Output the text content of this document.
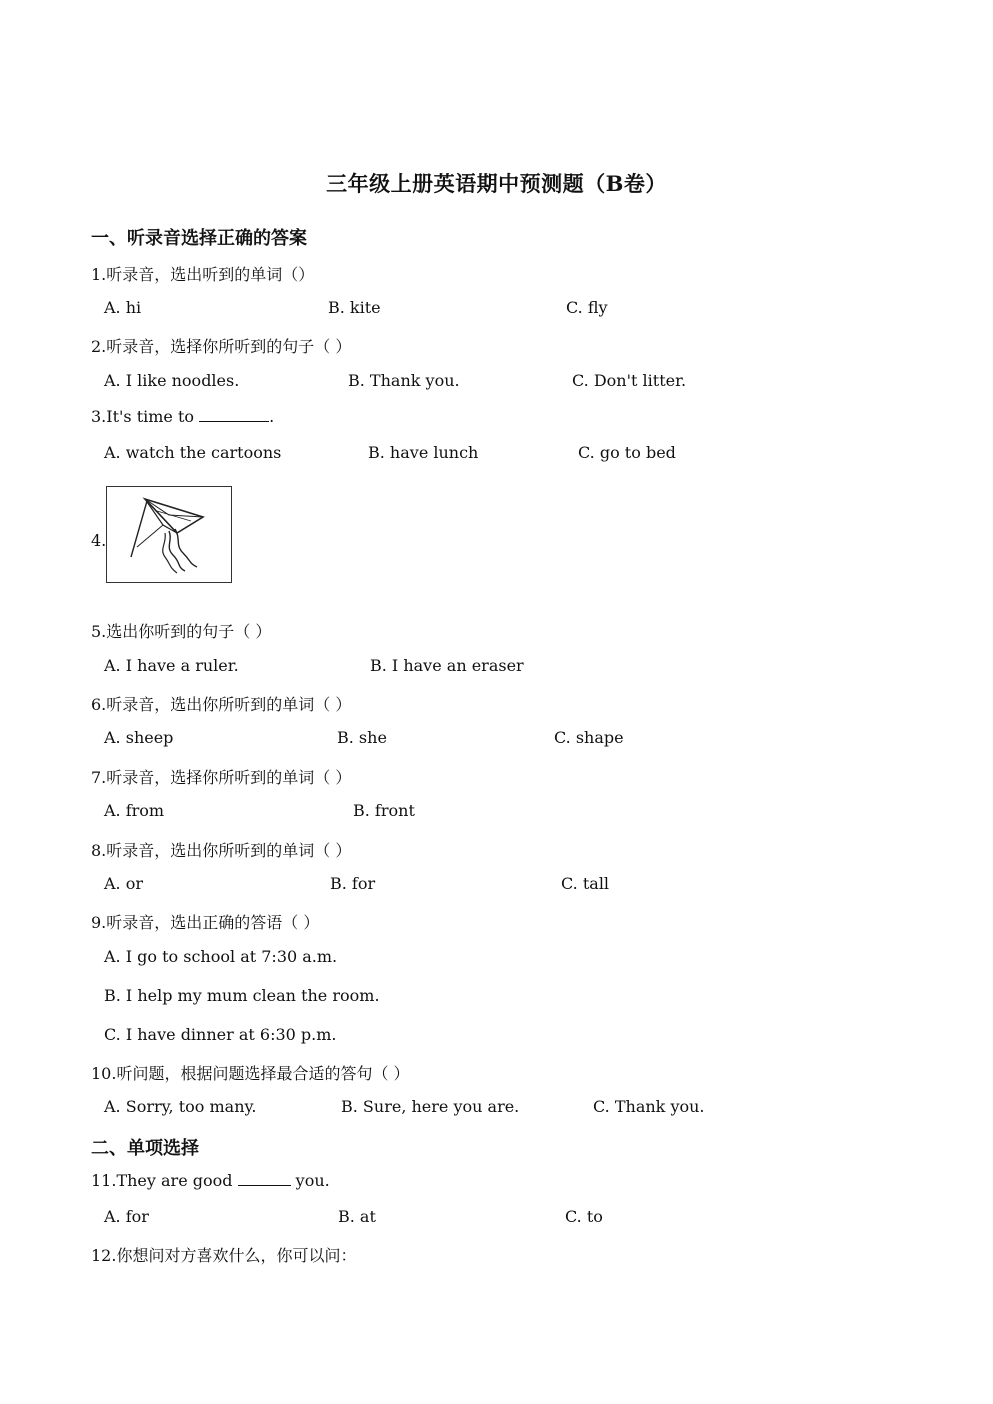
三年级上册英语期中预测题（B卷）
一、听录音选择正确的答案
1.听录音，选出听到的单词（）
A. hi	B. kite	C. fly
2.听录音，选择你所听到的句子（ ）
A. I like noodles.	B. Thank you.	C. Don't litter.
3.It's time to	.
A. watch the cartoons	B. have lunch	C. go to bed
4.
5.选出你听到的句子（ ）
A. I have a ruler.	B. I have an eraser
6.听录音，选出你所听到的单词（ ）
A. sheep	B. she	C. shape
7.听录音，选择你所听到的单词（ ）
A. from	B. front
8.听录音，选出你所听到的单词（ ）
A. or	B. for	C. tall
9.听录音，选出正确的答语（ ）
A. I go to school at 7:30 a.m.
B. I help my mum clean the room.
C. I have dinner at 6:30 p.m.
10.听问题，根据问题选择最合适的答句（ ）
A. Sorry, too many.	B. Sure, here you are.	C. Thank you.
二、单项选择
11.They are good	you.
A. for	B. at	C. to
12.你想问对方喜欢什么，你可以问：
